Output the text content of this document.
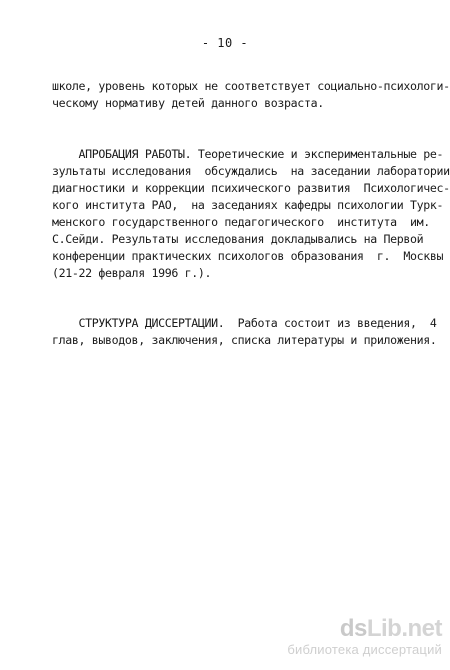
- 10 -
школе, уровень которых не соответствует социально-психологи-
ческому нормативу детей данного возраста.
АПРОБАЦИЯ РАБОТЫ. Теоретические и экспериментальные ре-
зультаты исследования  обсуждались  на заседании лаборатории
диагностики и коррекции психического развития  Психологичес-
кого института РАО,  на заседаниях кафедры психологии Турк-
менского государственного педагогического  института  им.
С.Сейди. Результаты исследования докладывались на Первой
конференции практических психологов образования  г.  Москвы
(21-22 февраля 1996 г.).
СТРУКТУРА ДИССЕРТАЦИИ.  Работа состоит из введения,  4
глав, выводов, заключения, списка литературы и приложения.
dsLib.net
библиотека диссертаций
